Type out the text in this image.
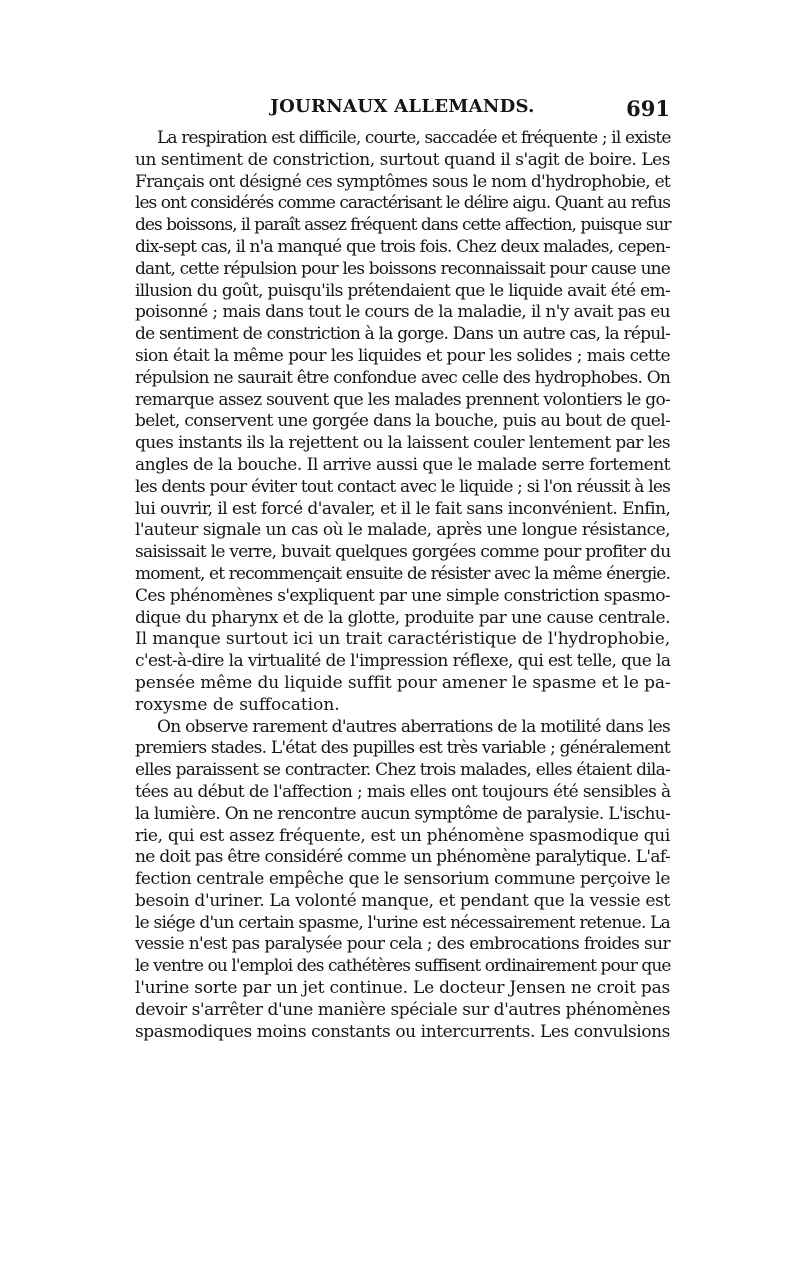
JOURNAUX ALLEMANDS.	691
La respiration est difficile, courte, saccadée et fréquente ; il existe
un sentiment de constriction, surtout quand il s'agit de boire. Les
Français ont désigné ces symptômes sous le nom d'hydrophobie, et
les ont considérés comme caractérisant le délire aigu. Quant au refus
des boissons, il paraît assez fréquent dans cette affection, puisque sur
dix-sept cas, il n'a manqué que trois fois. Chez deux malades, cepen-
dant, cette répulsion pour les boissons reconnaissait pour cause une
illusion du goût, puisqu'ils prétendaient que le liquide avait été em-
poisonné ; mais dans tout le cours de la maladie, il n'y avait pas eu
de sentiment de constriction à la gorge. Dans un autre cas, la répul-
sion était la même pour les liquides et pour les solides ; mais cette
répulsion ne saurait être confondue avec celle des hydrophobes. On
remarque assez souvent que les malades prennent volontiers le go-
belet, conservent une gorgée dans la bouche, puis au bout de quel-
ques instants ils la rejettent ou la laissent couler lentement par les
angles de la bouche. Il arrive aussi que le malade serre fortement
les dents pour éviter tout contact avec le liquide ; si l'on réussit à les
lui ouvrir, il est forcé d'avaler, et il le fait sans inconvénient. Enfin,
l'auteur signale un cas où le malade, après une longue résistance,
saisissait le verre, buvait quelques gorgées comme pour profiter du
moment, et recommençait ensuite de résister avec la même énergie.
Ces phénomènes s'expliquent par une simple constriction spasmo-
dique du pharynx et de la glotte, produite par une cause centrale.
Il manque surtout ici un trait caractéristique de l'hydrophobie,
c'est-à-dire la virtualité de l'impression réflexe, qui est telle, que la
pensée même du liquide suffit pour amener le spasme et le pa-
roxysme de suffocation.
On observe rarement d'autres aberrations de la motilité dans les
premiers stades. L'état des pupilles est très variable ; généralement
elles paraissent se contracter. Chez trois malades, elles étaient dila-
tées au début de l'affection ; mais elles ont toujours été sensibles à
la lumière. On ne rencontre aucun symptôme de paralysie. L'ischu-
rie, qui est assez fréquente, est un phénomène spasmodique qui
ne doit pas être considéré comme un phénomène paralytique. L'af-
fection centrale empêche que le sensorium commune perçoive le
besoin d'uriner. La volonté manque, et pendant que la vessie est
le siége d'un certain spasme, l'urine est nécessairement retenue. La
vessie n'est pas paralysée pour cela ; des embrocations froides sur
le ventre ou l'emploi des cathétères suffisent ordinairement pour que
l'urine sorte par un jet continue. Le docteur Jensen ne croit pas
devoir s'arrêter d'une manière spéciale sur d'autres phénomènes
spasmodiques moins constants ou intercurrents. Les convulsions
